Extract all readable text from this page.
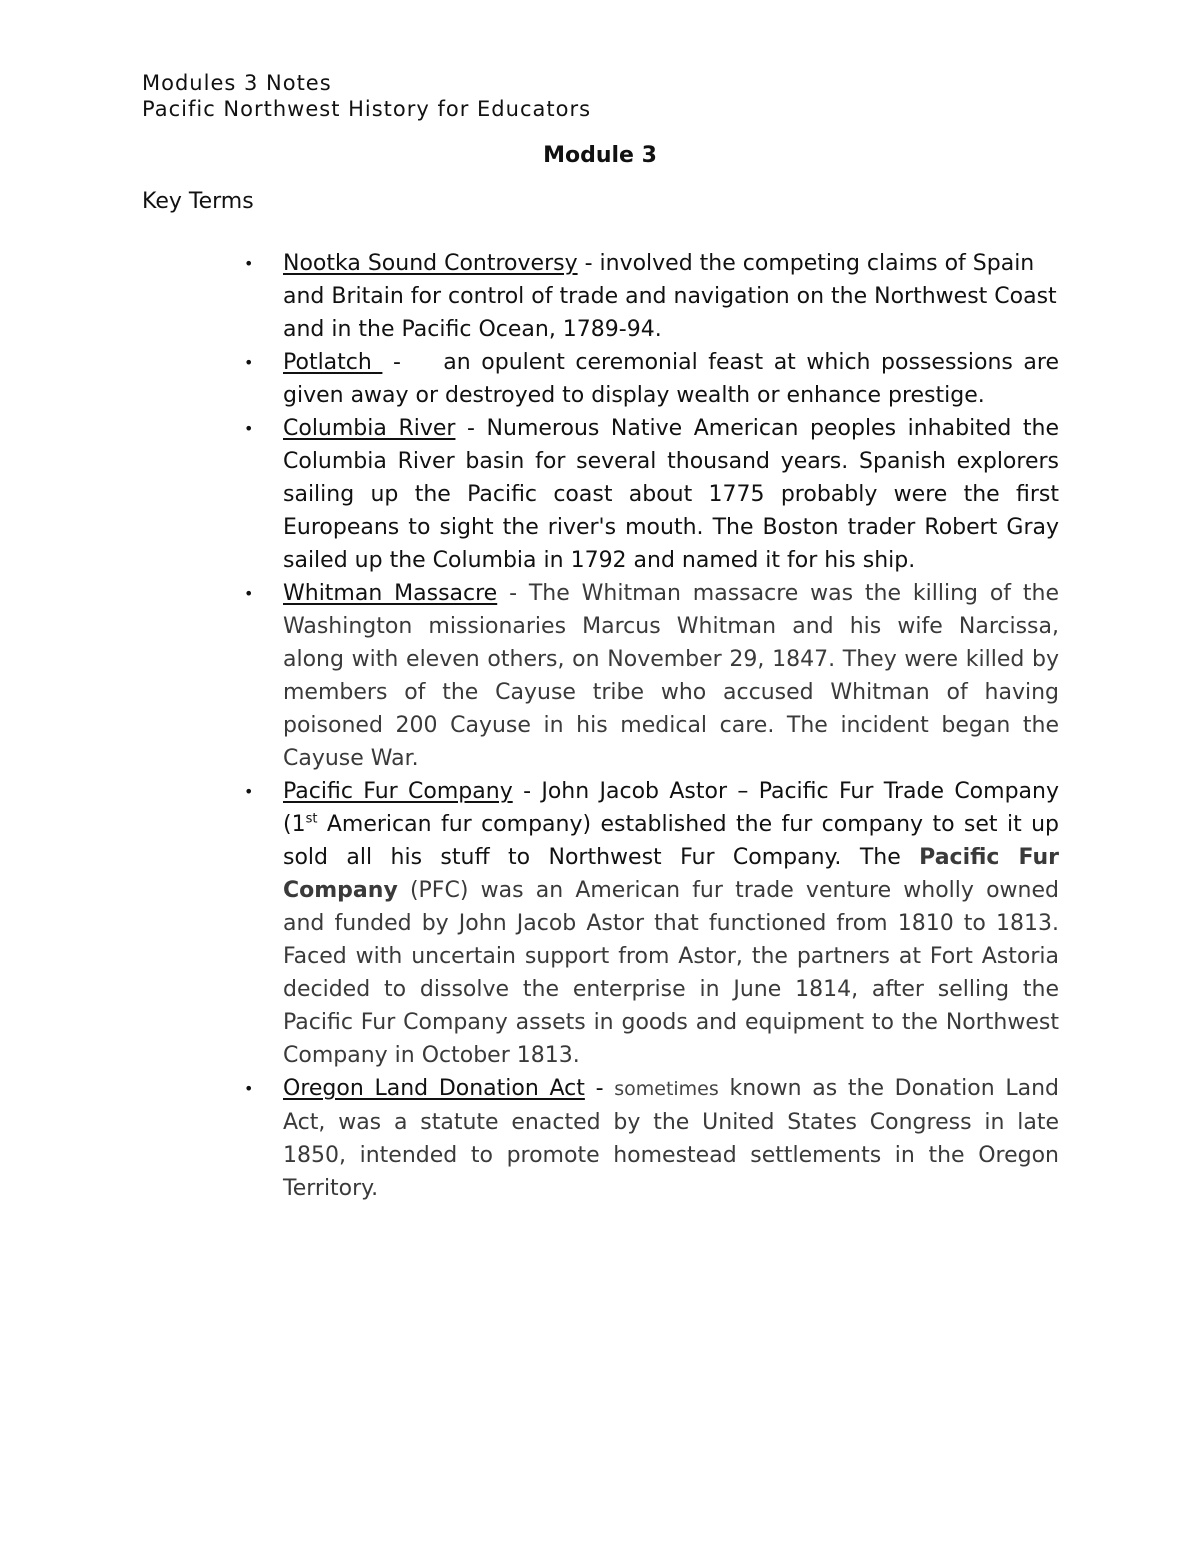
Modules 3 Notes
Pacific Northwest History for Educators
Module 3
Key Terms
• Nootka Sound Controversy - involved the competing claims of Spain and Britain for control of trade and navigation on the Northwest Coast and in the Pacific Ocean, 1789-94.
• Potlatch  -    an opulent ceremonial feast at which possessions are given away or destroyed to display wealth or enhance prestige.
• Columbia River - Numerous Native American peoples inhabited the Columbia River basin for several thousand years. Spanish explorers sailing up the Pacific coast about 1775 probably were the first Europeans to sight the river's mouth. The Boston trader Robert Gray sailed up the Columbia in 1792 and named it for his ship.
• Whitman Massacre - The Whitman massacre was the killing of the Washington missionaries Marcus Whitman and his wife Narcissa, along with eleven others, on November 29, 1847. They were killed by members of the Cayuse tribe who accused Whitman of having poisoned 200 Cayuse in his medical care. The incident began the Cayuse War.
• Pacific Fur Company - John Jacob Astor – Pacific Fur Trade Company (1st American fur company) established the fur company to set it up sold all his stuff to Northwest Fur Company. The Pacific Fur Company (PFC) was an American fur trade venture wholly owned and funded by John Jacob Astor that functioned from 1810 to 1813. Faced with uncertain support from Astor, the partners at Fort Astoria decided to dissolve the enterprise in June 1814, after selling the Pacific Fur Company assets in goods and equipment to the Northwest Company in October 1813.
• Oregon Land Donation Act - sometimes known as the Donation Land Act, was a statute enacted by the United States Congress in late 1850, intended to promote homestead settlements in the Oregon Territory.
